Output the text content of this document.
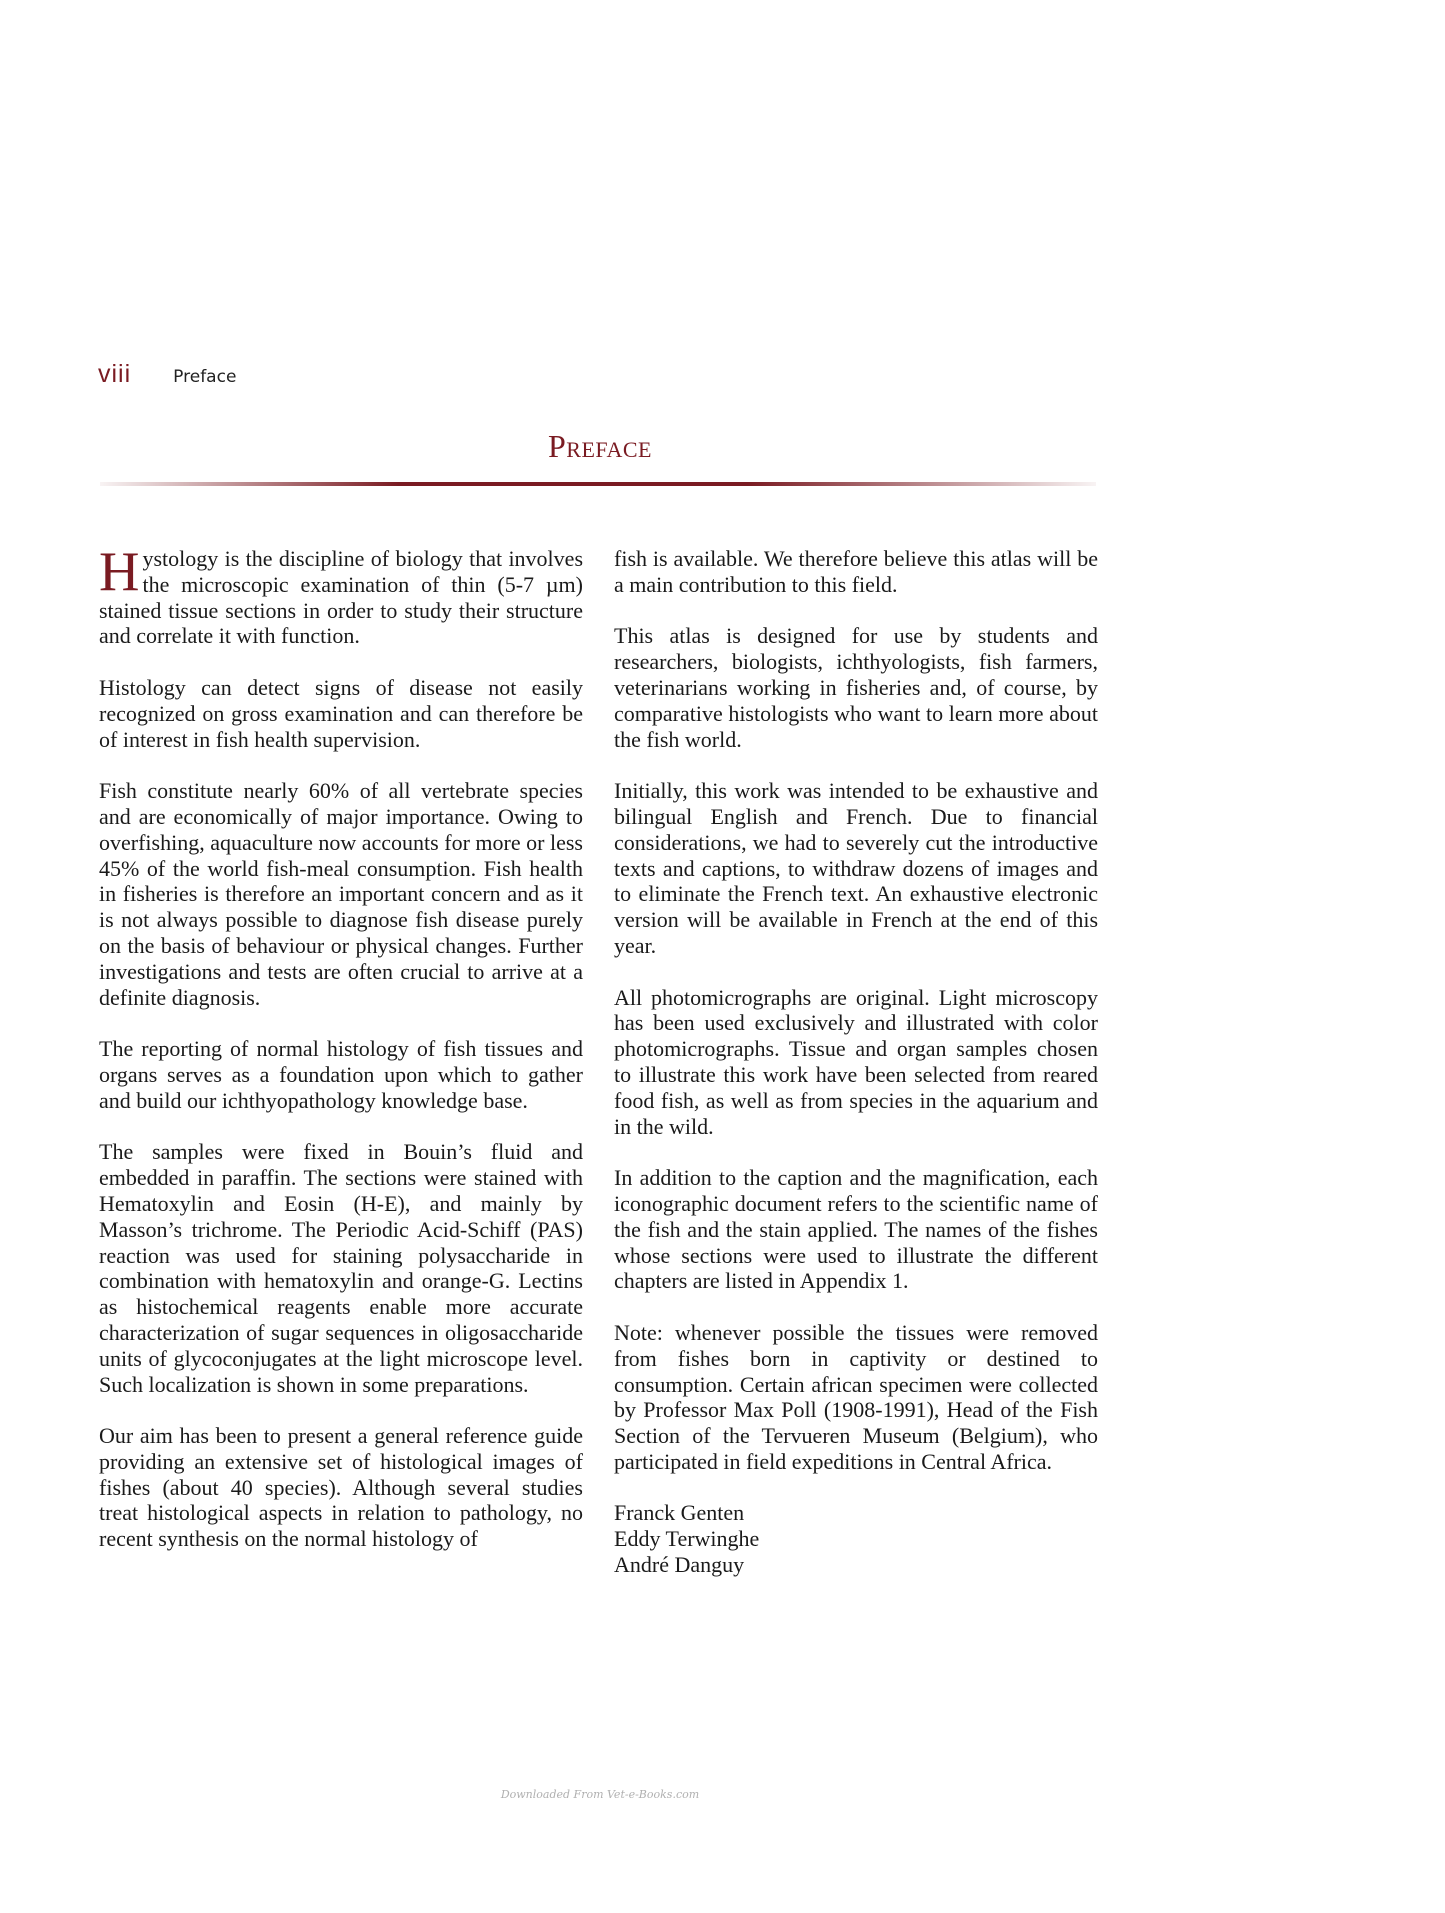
viii Preface
Preface

Hystology is the discipline of biology that involves the microscopic examination of thin (5-7 µm) stained tissue sections in order to study their structure and correlate it with function.

Histology can detect signs of disease not easily recognized on gross examination and can therefore be of interest in fish health supervision.

Fish constitute nearly 60% of all vertebrate species and are economically of major importance. Owing to overfishing, aquaculture now accounts for more or less 45% of the world fish-meal consumption. Fish health in fisheries is therefore an important concern and as it is not always possible to diagnose fish disease purely on the basis of behaviour or physical changes. Further investigations and tests are often crucial to arrive at a definite diagnosis.

The reporting of normal histology of fish tissues and organs serves as a foundation upon which to gather and build our ichthyopathology knowledge base.

The samples were fixed in Bouin’s fluid and embedded in paraffin. The sections were stained with Hematoxylin and Eosin (H-E), and mainly by Masson’s trichrome. The Periodic Acid-Schiff (PAS) reaction was used for staining polysaccharide in combination with hematoxylin and orange-G. Lectins as histochemical reagents enable more accurate characterization of sugar sequences in oligosaccharide units of glycoconjugates at the light microscope level. Such localization is shown in some preparations.

Our aim has been to present a general reference guide providing an extensive set of histological images of fishes (about 40 species). Although several studies treat histological aspects in relation to pathology, no recent synthesis on the normal histology of

fish is available. We therefore believe this atlas will be a main contribution to this field.

This atlas is designed for use by students and researchers, biologists, ichthyologists, fish farmers, veterinarians working in fisheries and, of course, by comparative histologists who want to learn more about the fish world.

Initially, this work was intended to be exhaustive and bilingual English and French. Due to financial considerations, we had to severely cut the introductive texts and captions, to withdraw dozens of images and to eliminate the French text. An exhaustive electronic version will be available in French at the end of this year.

All photomicrographs are original. Light microscopy has been used exclusively and illustrated with color photomicrographs. Tissue and organ samples chosen to illustrate this work have been selected from reared food fish, as well as from species in the aquarium and in the wild.

In addition to the caption and the magnification, each iconographic document refers to the scientific name of the fish and the stain applied. The names of the fishes whose sections were used to illustrate the different chapters are listed in Appendix 1.

Note: whenever possible the tissues were removed from fishes born in captivity or destined to consumption. Certain african specimen were collected by Professor Max Poll (1908-1991), Head of the Fish Section of the Tervueren Museum (Belgium), who participated in field expeditions in Central Africa.

Franck Genten
Eddy Terwinghe
André Danguy
Downloaded From Vet-e-Books.com
